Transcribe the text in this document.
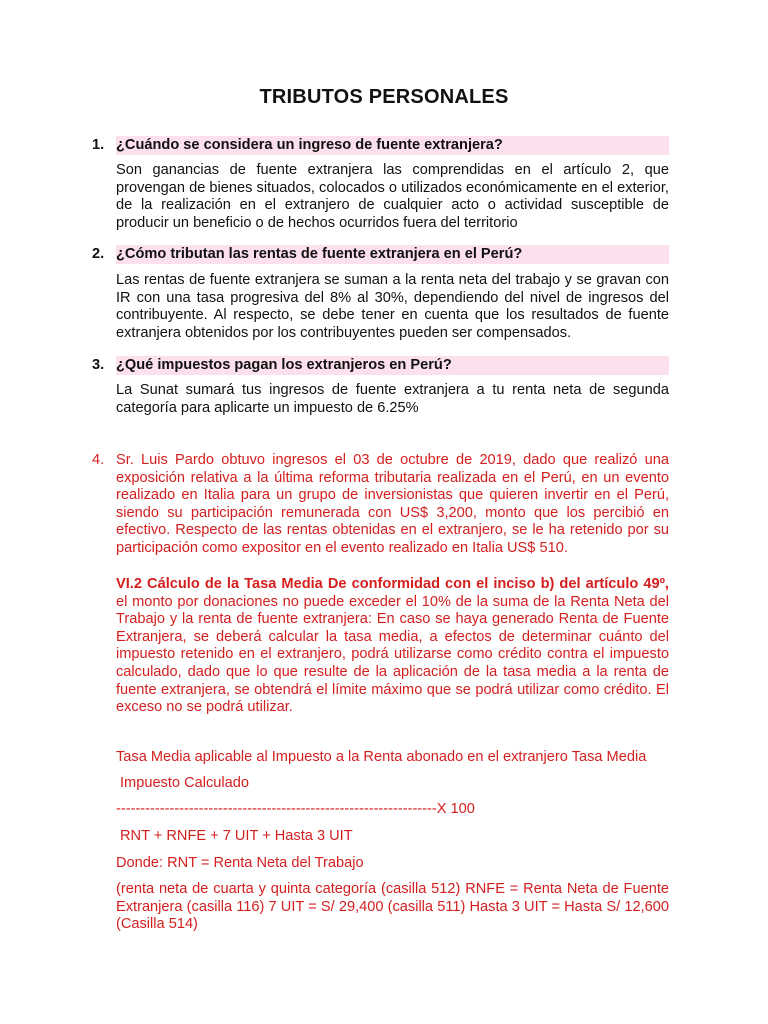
TRIBUTOS PERSONALES
1. ¿Cuándo se considera un ingreso de fuente extranjera?
Son ganancias de fuente extranjera las comprendidas en el artículo 2, que provengan de bienes situados, colocados o utilizados económicamente en el exterior, de la realización en el extranjero de cualquier acto o actividad susceptible de producir un beneficio o de hechos ocurridos fuera del territorio
2. ¿Cómo tributan las rentas de fuente extranjera en el Perú?
Las rentas de fuente extranjera se suman a la renta neta del trabajo y se gravan con IR con una tasa progresiva del 8% al 30%, dependiendo del nivel de ingresos del contribuyente. Al respecto, se debe tener en cuenta que los resultados de fuente extranjera obtenidos por los contribuyentes pueden ser compensados.
3. ¿Qué impuestos pagan los extranjeros en Perú?
La Sunat sumará tus ingresos de fuente extranjera a tu renta neta de segunda categoría para aplicarte un impuesto de 6.25%
4. Sr. Luis Pardo obtuvo ingresos el 03 de octubre de 2019, dado que realizó una exposición relativa a la última reforma tributaria realizada en el Perú, en un evento realizado en Italia para un grupo de inversionistas que quieren invertir en el Perú, siendo su participación remunerada con US$ 3,200, monto que los percibió en efectivo. Respecto de las rentas obtenidas en el extranjero, se le ha retenido por su participación como expositor en el evento realizado en Italia US$ 510.
VI.2 Cálculo de la Tasa Media De conformidad con el inciso b) del artículo 49º, el monto por donaciones no puede exceder el 10% de la suma de la Renta Neta del Trabajo y la renta de fuente extranjera: En caso se haya generado Renta de Fuente Extranjera, se deberá calcular la tasa media, a efectos de determinar cuánto del impuesto retenido en el extranjero, podrá utilizarse como crédito contra el impuesto calculado, dado que lo que resulte de la aplicación de la tasa media a la renta de fuente extranjera, se obtendrá el límite máximo que se podrá utilizar como crédito. El exceso no se podrá utilizar.
Tasa Media aplicable al Impuesto a la Renta abonado en el extranjero Tasa Media
Impuesto Calculado
------------------------------------------------------------------X 100
RNT + RNFE + 7 UIT + Hasta 3 UIT
Donde: RNT = Renta Neta del Trabajo
(renta neta de cuarta y quinta categoría (casilla 512) RNFE = Renta Neta de Fuente Extranjera (casilla 116) 7 UIT = S/ 29,400 (casilla 511) Hasta 3 UIT = Hasta S/ 12,600 (Casilla 514)
